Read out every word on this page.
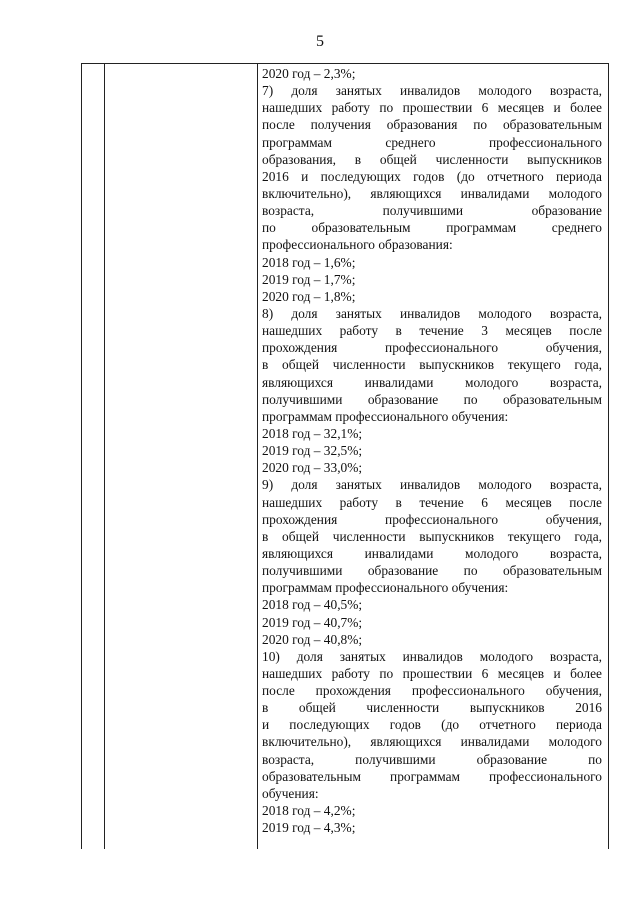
5
2020 год – 2,3%;
7) доля занятых инвалидов молодого возраста,
нашедших работу по прошествии 6 месяцев и более
после получения образования по образовательным
программам среднего профессионального
образования, в общей численности выпускников
2016 и последующих годов (до отчетного периода
включительно), являющихся инвалидами молодого
возраста, получившими образование
по образовательным программам среднего
профессионального образования:
2018 год – 1,6%;
2019 год – 1,7%;
2020 год – 1,8%;
8) доля занятых инвалидов молодого возраста,
нашедших работу в течение 3 месяцев после
прохождения профессионального обучения,
в общей численности выпускников текущего года,
являющихся инвалидами молодого возраста,
получившими образование по образовательным
программам профессионального обучения:
2018 год – 32,1%;
2019 год – 32,5%;
2020 год – 33,0%;
9) доля занятых инвалидов молодого возраста,
нашедших работу в течение 6 месяцев после
прохождения профессионального обучения,
в общей численности выпускников текущего года,
являющихся инвалидами молодого возраста,
получившими образование по образовательным
программам профессионального обучения:
2018 год – 40,5%;
2019 год – 40,7%;
2020 год – 40,8%;
10) доля занятых инвалидов молодого возраста,
нашедших работу по прошествии 6 месяцев и более
после прохождения профессионального обучения,
в общей численности выпускников 2016
и последующих годов (до отчетного периода
включительно), являющихся инвалидами молодого
возраста, получившими образование по
образовательным программам профессионального
обучения:
2018 год – 4,2%;
2019 год – 4,3%;
